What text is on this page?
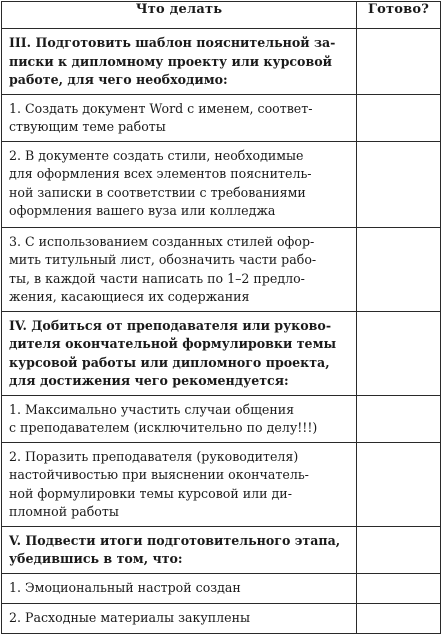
Что делать	Готово?

III. Подготовить шаблон пояснительной за-
писки к дипломному проекту или курсовой
работе, для чего необходимо:	

1. Создать документ Word с именем, соответ-
ствующим теме работы	

2. В документе создать стили, необходимые
для оформления всех элементов пояснитель-
ной записки в соответствии с требованиями
оформления вашего вуза или колледжа	

3. С использованием созданных стилей офор-
мить титульный лист, обозначить части рабо-
ты, в каждой части написать по 1–2 предло-
жения, касающиеся их содержания	

IV. Добиться от преподавателя или руково-
дителя окончательной формулировки темы
курсовой работы или дипломного проекта,
для достижения чего рекомендуется:	

1. Максимально участить случаи общения
с преподавателем (исключительно по делу!!!)	

2. Поразить преподавателя (руководителя)
настойчивостью при выяснении окончатель-
ной формулировки темы курсовой или ди-
пломной работы	

V. Подвести итоги подготовительного этапа,
убедившись в том, что:	

1. Эмоциональный настрой создан	

2. Расходные материалы закуплены	
